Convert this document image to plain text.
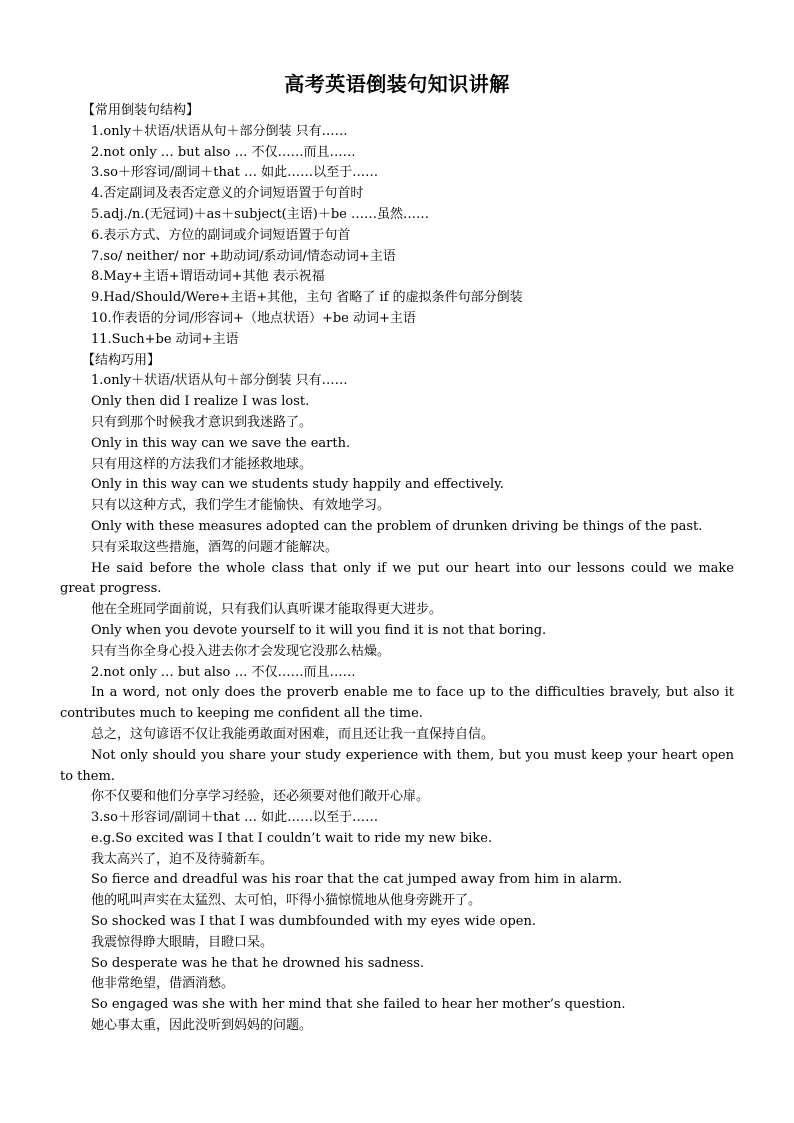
高考英语倒装句知识讲解
【常用倒装句结构】
1.only＋状语/状语从句＋部分倒装 只有……
2.not only … but also … 不仅……而且……
3.so＋形容词/副词＋that … 如此……以至于……
4.否定副词及表否定意义的介词短语置于句首时
5.adj./n.(无冠词)＋as＋subject(主语)＋be ……虽然……
6.表示方式、方位的副词或介词短语置于句首
7.so/ neither/ nor +助动词/系动词/情态动词+主语
8.May+主语+谓语动词+其他 表示祝福
9.Had/Should/Were+主语+其他，主句 省略了 if 的虚拟条件句部分倒装
10.作表语的分词/形容词+（地点状语）+be 动词+主语
11.Such+be 动词+主语
【结构巧用】
1.only＋状语/状语从句＋部分倒装 只有……
Only then did I realize I was lost.
只有到那个时候我才意识到我迷路了。
Only in this way can we save the earth.
只有用这样的方法我们才能拯救地球。
Only in this way can we students study happily and effectively.
只有以这种方式，我们学生才能愉快、有效地学习。
Only with these measures adopted can the problem of drunken driving be things of the past.
只有采取这些措施，酒驾的问题才能解决。
He said before the whole class that only if we put our heart into our lessons could we make great progress.
他在全班同学面前说，只有我们认真听课才能取得更大进步。
Only when you devote yourself to it will you find it is not that boring.
只有当你全身心投入进去你才会发现它没那么枯燥。
2.not only … but also … 不仅……而且……
In a word, not only does the proverb enable me to face up to the difficulties bravely, but also it contributes much to keeping me confident all the time.
总之，这句谚语不仅让我能勇敢面对困难，而且还让我一直保持自信。
Not only should you share your study experience with them, but you must keep your heart open to them.
你不仅要和他们分享学习经验，还必须要对他们敞开心扉。
3.so＋形容词/副词＋that … 如此……以至于……
e.g.So excited was I that I couldn’t wait to ride my new bike.
我太高兴了，迫不及待骑新车。
So fierce and dreadful was his roar that the cat jumped away from him in alarm.
他的吼叫声实在太猛烈、太可怕，吓得小猫惊慌地从他身旁跳开了。
So shocked was I that I was dumbfounded with my eyes wide open.
我震惊得睁大眼睛，目瞪口呆。
So desperate was he that he drowned his sadness.
他非常绝望，借酒消愁。
So engaged was she with her mind that she failed to hear her mother’s question.
她心事太重，因此没听到妈妈的问题。
